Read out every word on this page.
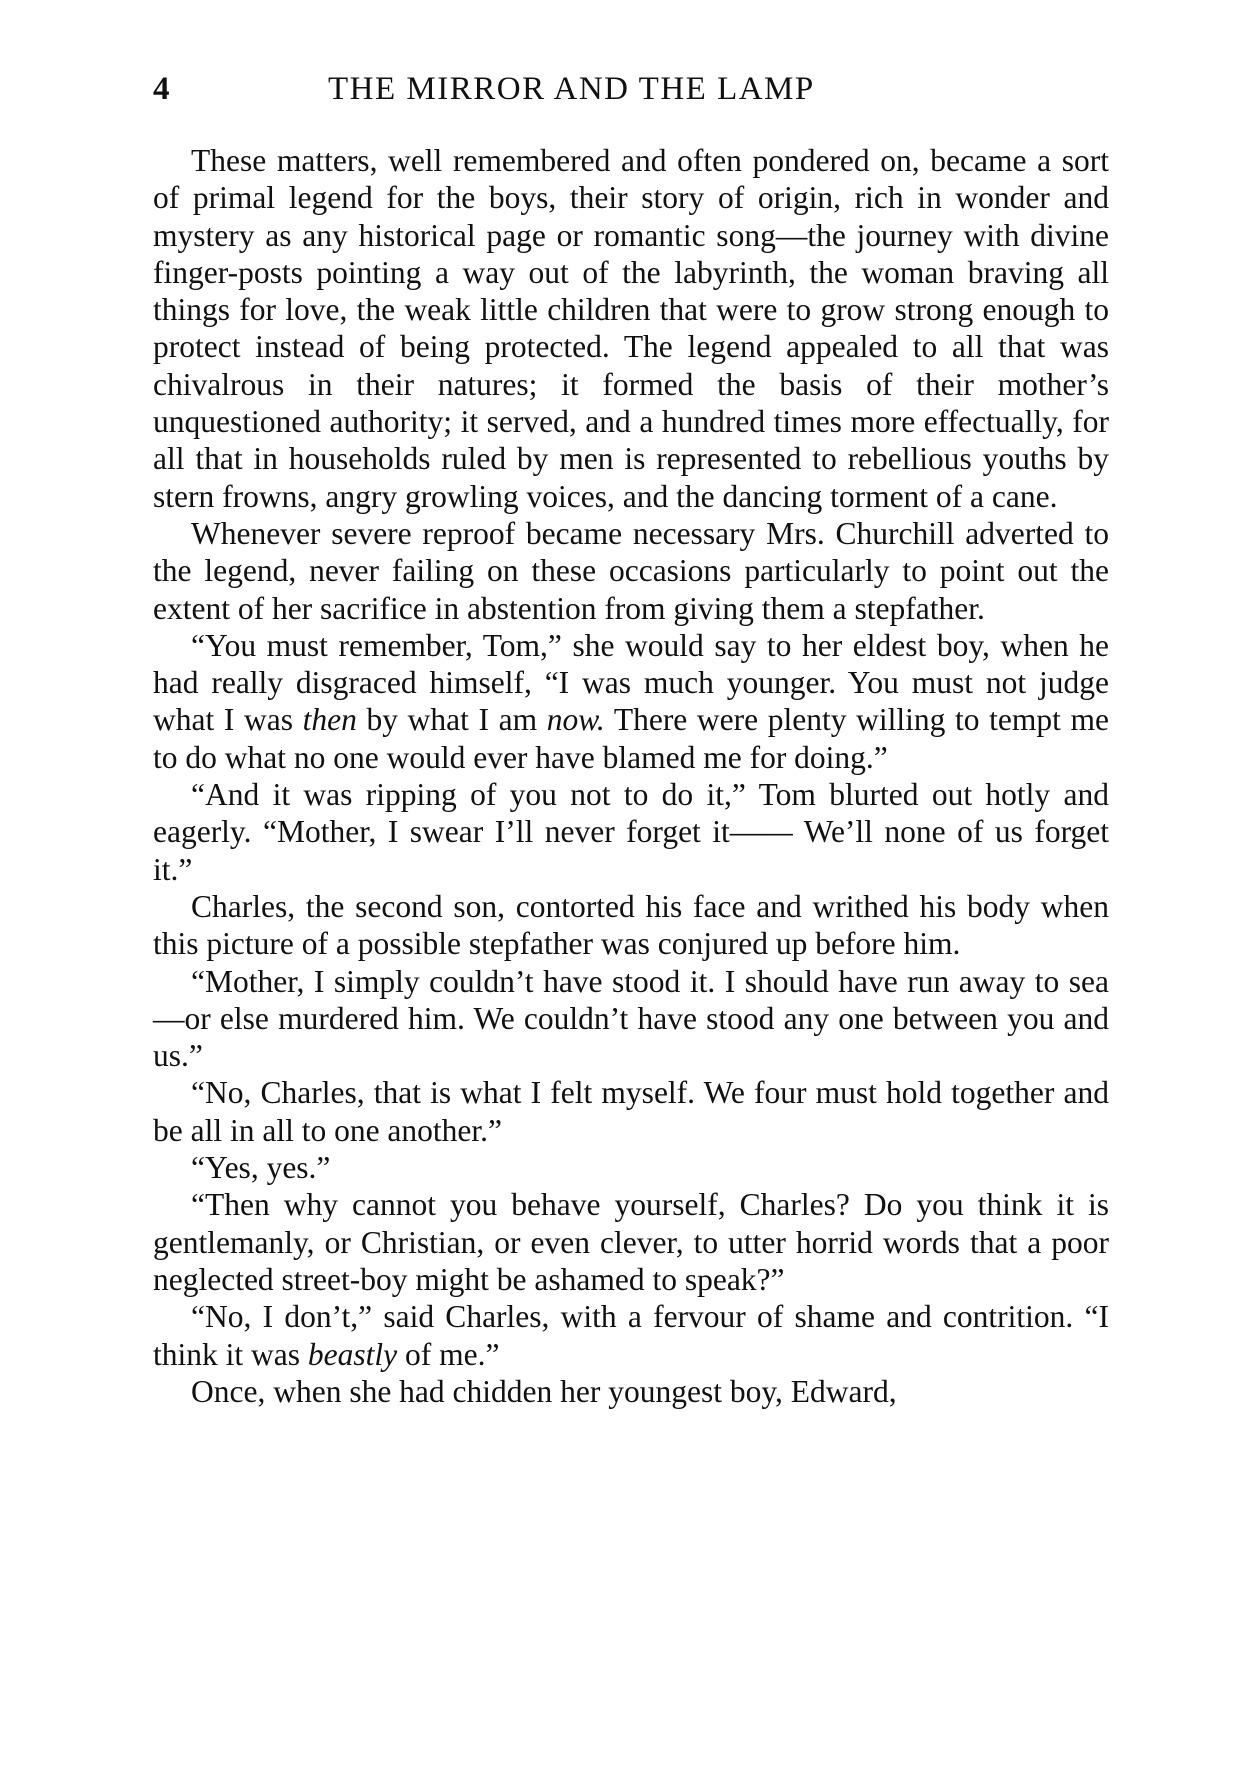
4	THE MIRROR AND THE LAMP

These matters, well remembered and often pondered on, became a sort of primal legend for the boys, their story of origin, rich in wonder and mystery as any historical page or romantic song—the journey with divine finger-posts pointing a way out of the labyrinth, the woman braving all things for love, the weak little children that were to grow strong enough to protect instead of being protected. The legend appealed to all that was chivalrous in their natures; it formed the basis of their mother’s unquestioned authority; it served, and a hundred times more effectually, for all that in households ruled by men is represented to rebellious youths by stern frowns, angry growling voices, and the dancing torment of a cane.

Whenever severe reproof became necessary Mrs. Churchill adverted to the legend, never failing on these occasions particularly to point out the extent of her sacrifice in abstention from giving them a stepfather.

“You must remember, Tom,” she would say to her eldest boy, when he had really disgraced himself, “I was much younger. You must not judge what I was then by what I am now. There were plenty willing to tempt me to do what no one would ever have blamed me for doing.”

“And it was ripping of you not to do it,” Tom blurted out hotly and eagerly. “Mother, I swear I’ll never forget it—— We’ll none of us forget it.”

Charles, the second son, contorted his face and writhed his body when this picture of a possible stepfather was conjured up before him.

“Mother, I simply couldn’t have stood it. I should have run away to sea—or else murdered him. We couldn’t have stood any one between you and us.”

“No, Charles, that is what I felt myself. We four must hold together and be all in all to one another.”

“Yes, yes.”

“Then why cannot you behave yourself, Charles? Do you think it is gentlemanly, or Christian, or even clever, to utter horrid words that a poor neglected street-boy might be ashamed to speak?”

“No, I don’t,” said Charles, with a fervour of shame and contrition. “I think it was beastly of me.”

Once, when she had chidden her youngest boy, Edward,
